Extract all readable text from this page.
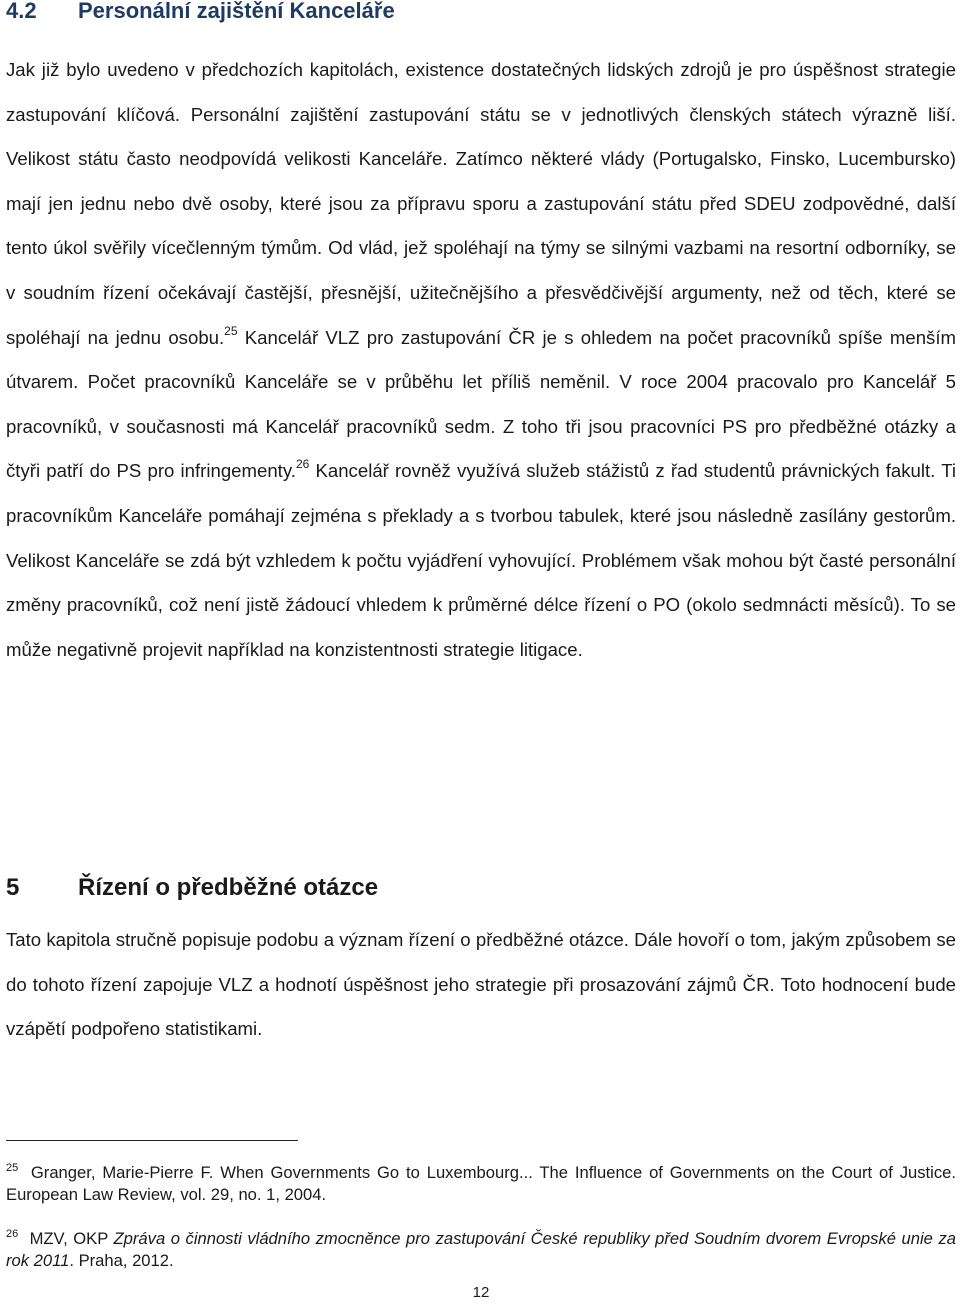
4.2 Personální zajištění Kanceláře

Jak již bylo uvedeno v předchozích kapitolách, existence dostatečných lidských zdrojů je pro úspěšnost strategie zastupování klíčová. Personální zajištění zastupování státu se v jednotlivých členských státech výrazně liší. Velikost státu často neodpovídá velikosti Kanceláře. Zatímco některé vlády (Portugalsko, Finsko, Lucembursko) mají jen jednu nebo dvě osoby, které jsou za přípravu sporu a zastupování státu před SDEU zodpovědné, další tento úkol svěřily vícečlenným týmům. Od vlád, jež spoléhají na týmy se silnými vazbami na resortní odborníky, se v soudním řízení očekávají častější, přesnější, užitečnějšího a přesvědčivější argumenty, než od těch, které se spoléhají na jednu osobu.$^{25}$ Kancelář VLZ pro zastupování ČR je s ohledem na počet pracovníků spíše menším útvarem. Počet pracovníků Kanceláře se v průběhu let příliš neměnil. V roce 2004 pracovalo pro Kancelář 5 pracovníků, v současnosti má Kancelář pracovníků sedm. Z toho tři jsou pracovníci PS pro předběžné otázky a čtyři patří do PS pro infringementy.$^{26}$ Kancelář rovněž využívá služeb stážistů z řad studentů právnických fakult. Ti pracovníkům Kanceláře pomáhají zejména s překlady a s tvorbou tabulek, které jsou následně zasílány gestorům. Velikost Kanceláře se zdá být vzhledem k počtu vyjádření vyhovující. Problémem však mohou být časté personální změny pracovníků, což není jistě žádoucí vhledem k průměrné délce řízení o PO (okolo sedmnácti měsíců). To se může negativně projevit například na konzistentnosti strategie litigace.

5 Řízení o předběžné otázce

Tato kapitola stručně popisuje podobu a význam řízení o předběžné otázce. Dále hovoří o tom, jakým způsobem se do tohoto řízení zapojuje VLZ a hodnotí úspěšnost jeho strategie při prosazování zájmů ČR. Toto hodnocení bude vzápětí podpořeno statistikami.

25 Granger, Marie-Pierre F. When Governments Go to Luxembourg... The Influence of Governments on the Court of Justice. European Law Review, vol. 29, no. 1, 2004.

26 MZV, OKP Zpráva o činnosti vládního zmocněnce pro zastupování České republiky před Soudním dvorem Evropské unie za rok 2011. Praha, 2012.

12
